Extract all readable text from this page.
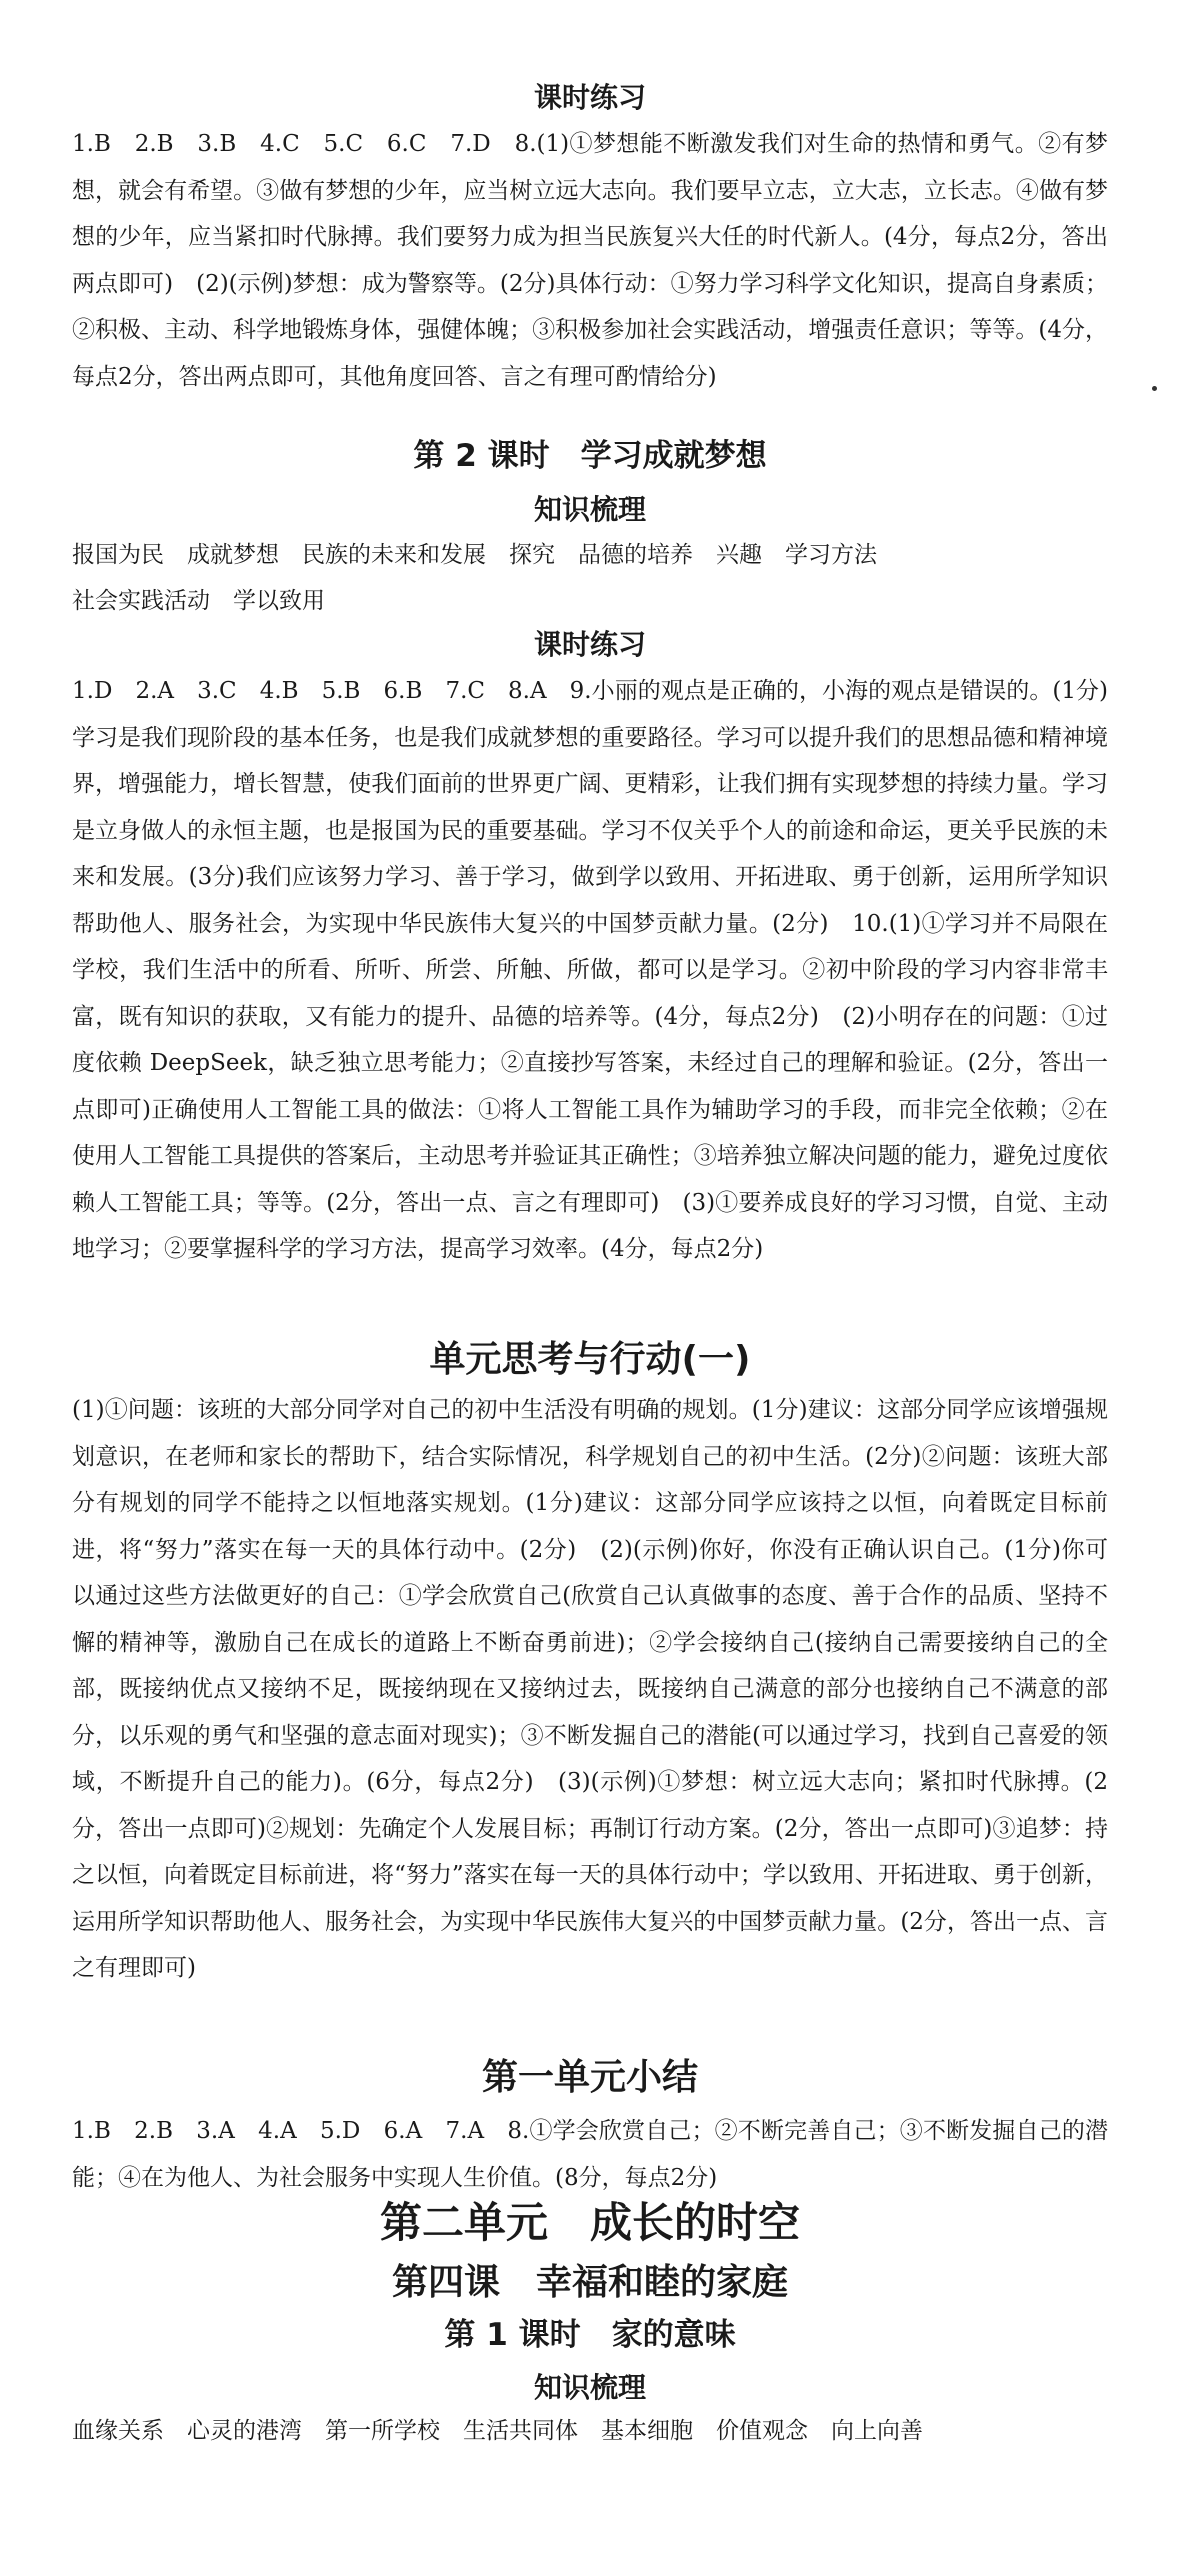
课时练习

1.B　2.B　3.B　4.C　5.C　6.C　7.D　8.(1)①梦想能不断激发我们对生命的热情和勇气。②有梦想，就会有希望。③做有梦想的少年，应当树立远大志向。我们要早立志，立大志，立长志。④做有梦想的少年，应当紧扣时代脉搏。我们要努力成为担当民族复兴大任的时代新人。(4分，每点2分，答出两点即可)　(2)(示例)梦想：成为警察等。(2分)具体行动：①努力学习科学文化知识，提高自身素质；②积极、主动、科学地锻炼身体，强健体魄；③积极参加社会实践活动，增强责任意识；等等。(4分，每点2分，答出两点即可，其他角度回答、言之有理可酌情给分)

第 2 课时　学习成就梦想
知识梳理

报国为民　成就梦想　民族的未来和发展　探究　品德的培养　兴趣　学习方法

社会实践活动　学以致用

课时练习

1.D　2.A　3.C　4.B　5.B　6.B　7.C　8.A　9.小丽的观点是正确的，小海的观点是错误的。(1分)学习是我们现阶段的基本任务，也是我们成就梦想的重要路径。学习可以提升我们的思想品德和精神境界，增强能力，增长智慧，使我们面前的世界更广阔、更精彩，让我们拥有实现梦想的持续力量。学习是立身做人的永恒主题，也是报国为民的重要基础。学习不仅关乎个人的前途和命运，更关乎民族的未来和发展。(3分)我们应该努力学习、善于学习，做到学以致用、开拓进取、勇于创新，运用所学知识帮助他人、服务社会，为实现中华民族伟大复兴的中国梦贡献力量。(2分)　10.(1)①学习并不局限在学校，我们生活中的所看、所听、所尝、所触、所做，都可以是学习。②初中阶段的学习内容非常丰富，既有知识的获取，又有能力的提升、品德的培养等。(4分，每点2分)　(2)小明存在的问题：①过度依赖 DeepSeek，缺乏独立思考能力；②直接抄写答案，未经过自己的理解和验证。(2分，答出一点即可)正确使用人工智能工具的做法：①将人工智能工具作为辅助学习的手段，而非完全依赖；②在使用人工智能工具提供的答案后，主动思考并验证其正确性；③培养独立解决问题的能力，避免过度依赖人工智能工具；等等。(2分，答出一点、言之有理即可)　(3)①要养成良好的学习习惯，自觉、主动地学习；②要掌握科学的学习方法，提高学习效率。(4分，每点2分)

单元思考与行动(一)

(1)①问题：该班的大部分同学对自己的初中生活没有明确的规划。(1分)建议：这部分同学应该增强规划意识，在老师和家长的帮助下，结合实际情况，科学规划自己的初中生活。(2分)②问题：该班大部分有规划的同学不能持之以恒地落实规划。(1分)建议：这部分同学应该持之以恒，向着既定目标前进，将“努力”落实在每一天的具体行动中。(2分)　(2)(示例)你好，你没有正确认识自己。(1分)你可以通过这些方法做更好的自己：①学会欣赏自己(欣赏自己认真做事的态度、善于合作的品质、坚持不懈的精神等，激励自己在成长的道路上不断奋勇前进)；②学会接纳自己(接纳自己需要接纳自己的全部，既接纳优点又接纳不足，既接纳现在又接纳过去，既接纳自己满意的部分也接纳自己不满意的部分，以乐观的勇气和坚强的意志面对现实)；③不断发掘自己的潜能(可以通过学习，找到自己喜爱的领域，不断提升自己的能力)。(6分，每点2分)　(3)(示例)①梦想：树立远大志向；紧扣时代脉搏。(2分，答出一点即可)②规划：先确定个人发展目标；再制订行动方案。(2分，答出一点即可)③追梦：持之以恒，向着既定目标前进，将“努力”落实在每一天的具体行动中；学以致用、开拓进取、勇于创新，运用所学知识帮助他人、服务社会，为实现中华民族伟大复兴的中国梦贡献力量。(2分，答出一点、言之有理即可)

第一单元小结

1.B　2.B　3.A　4.A　5.D　6.A　7.A　8.①学会欣赏自己；②不断完善自己；③不断发掘自己的潜能；④在为他人、为社会服务中实现人生价值。(8分，每点2分)

第二单元　成长的时空
第四课　幸福和睦的家庭
第 1 课时　家的意味
知识梳理

血缘关系　心灵的港湾　第一所学校　生活共同体　基本细胞　价值观念　向上向善
